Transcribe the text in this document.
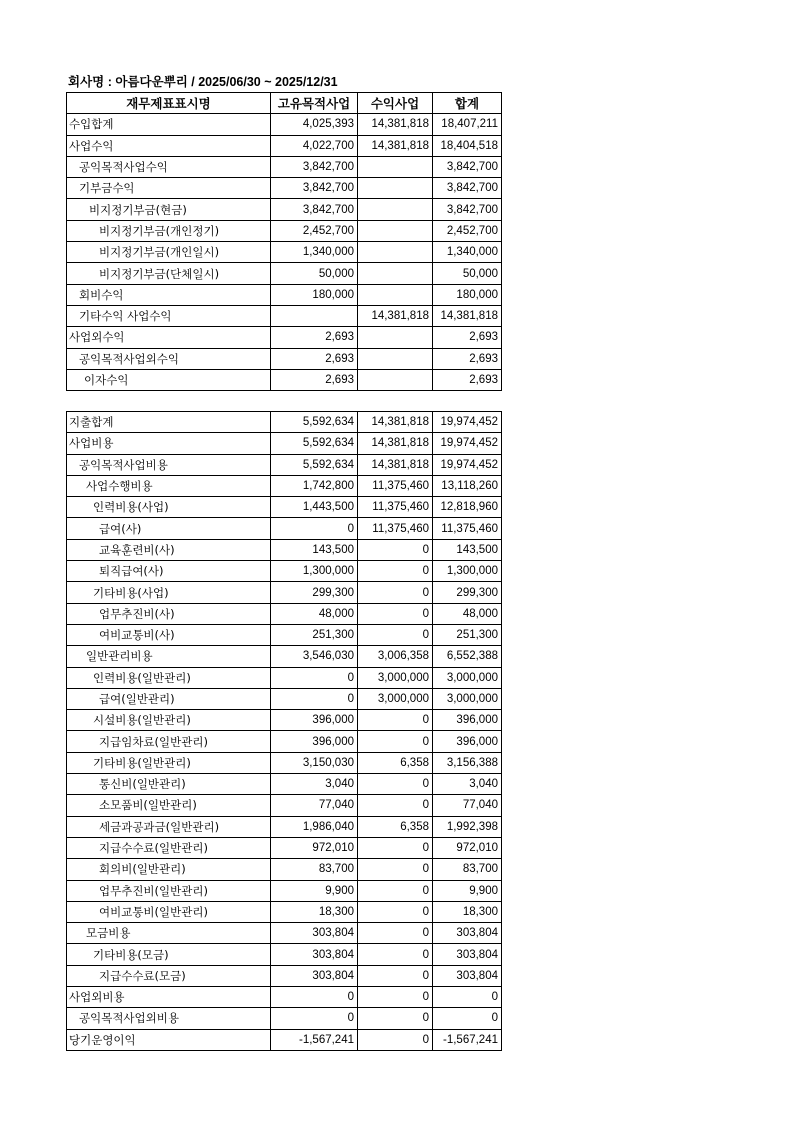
회사명 : 아름다운뿌리 / 2025/06/30 ~ 2025/12/31
재무제표표시명	고유목적사업	수익사업	합계
수입합계	4,025,393	14,381,818	18,407,211
사업수익	4,022,700	14,381,818	18,404,518
공익목적사업수익	3,842,700		3,842,700
기부금수익	3,842,700		3,842,700
비지정기부금(현금)	3,842,700		3,842,700
비지정기부금(개인정기)	2,452,700		2,452,700
비지정기부금(개인일시)	1,340,000		1,340,000
비지정기부금(단체일시)	50,000		50,000
회비수익	180,000		180,000
기타수익 사업수익		14,381,818	14,381,818
사업외수익	2,693		2,693
공익목적사업외수익	2,693		2,693
이자수익	2,693		2,693
지출합계	5,592,634	14,381,818	19,974,452
사업비용	5,592,634	14,381,818	19,974,452
공익목적사업비용	5,592,634	14,381,818	19,974,452
사업수행비용	1,742,800	11,375,460	13,118,260
인력비용(사업)	1,443,500	11,375,460	12,818,960
급여(사)	0	11,375,460	11,375,460
교육훈련비(사)	143,500	0	143,500
퇴직급여(사)	1,300,000	0	1,300,000
기타비용(사업)	299,300	0	299,300
업무추진비(사)	48,000	0	48,000
여비교통비(사)	251,300	0	251,300
일반관리비용	3,546,030	3,006,358	6,552,388
인력비용(일반관리)	0	3,000,000	3,000,000
급여(일반관리)	0	3,000,000	3,000,000
시설비용(일반관리)	396,000	0	396,000
지급임차료(일반관리)	396,000	0	396,000
기타비용(일반관리)	3,150,030	6,358	3,156,388
통신비(일반관리)	3,040	0	3,040
소모품비(일반관리)	77,040	0	77,040
세금과공과금(일반관리)	1,986,040	6,358	1,992,398
지급수수료(일반관리)	972,010	0	972,010
회의비(일반관리)	83,700	0	83,700
업무추진비(일반관리)	9,900	0	9,900
여비교통비(일반관리)	18,300	0	18,300
모금비용	303,804	0	303,804
기타비용(모금)	303,804	0	303,804
지급수수료(모금)	303,804	0	303,804
사업외비용	0	0	0
공익목적사업외비용	0	0	0
당기운영이익	-1,567,241	0	-1,567,241
